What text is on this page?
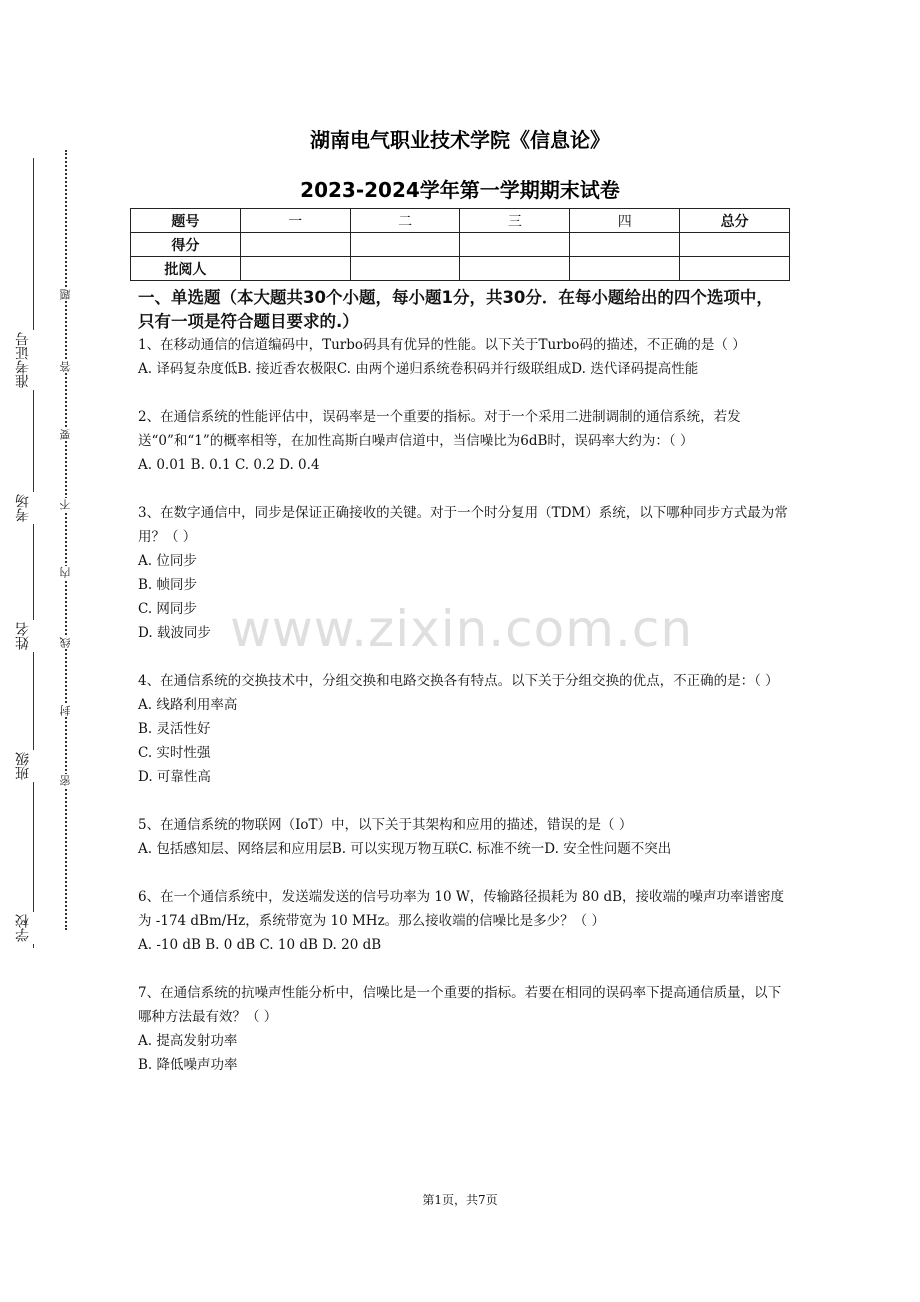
准考证号
考场
姓名
班级
学校
题
答
要
不
内
线
封
密
湖南电气职业技术学院《信息论》
2023-2024学年第一学期期末试卷
题号	一	二	三	四	总分
得分					
批阅人					
一、单选题（本大题共30个小题，每小题1分，共30分．在每小题给出的四个选项中，只有一项是符合题目要求的.）

1、在移动通信的信道编码中，Turbo码具有优异的性能。以下关于Turbo码的描述，不正确的是（ ）

A. 译码复杂度低B. 接近香农极限C. 由两个递归系统卷积码并行级联组成D. 迭代译码提高性能

2、在通信系统的性能评估中，误码率是一个重要的指标。对于一个采用二进制调制的通信系统，若发送“0”和“1”的概率相等，在加性高斯白噪声信道中，当信噪比为6dB时，误码率大约为：（ ）

A. 0.01 B. 0.1 C. 0.2 D. 0.4

3、在数字通信中，同步是保证正确接收的关键。对于一个时分复用（TDM）系统，以下哪种同步方式最为常用？（ ）

A. 位同步

B. 帧同步

C. 网同步

D. 载波同步

4、在通信系统的交换技术中，分组交换和电路交换各有特点。以下关于分组交换的优点，不正确的是：（ ）

A. 线路利用率高

B. 灵活性好

C. 实时性强

D. 可靠性高

5、在通信系统的物联网（IoT）中，以下关于其架构和应用的描述，错误的是（ ）

A. 包括感知层、网络层和应用层B. 可以实现万物互联C. 标准不统一D. 安全性问题不突出

6、在一个通信系统中，发送端发送的信号功率为 10 W，传输路径损耗为 80 dB，接收端的噪声功率谱密度为 -174 dBm/Hz，系统带宽为 10 MHz。那么接收端的信噪比是多少？（ ）

A. -10 dB B. 0 dB C. 10 dB D. 20 dB

7、在通信系统的抗噪声性能分析中，信噪比是一个重要的指标。若要在相同的误码率下提高通信质量，以下哪种方法最有效？（ ）

A. 提高发射功率

B. 降低噪声功率

www.zixin.com.cn
第1页，共7页
